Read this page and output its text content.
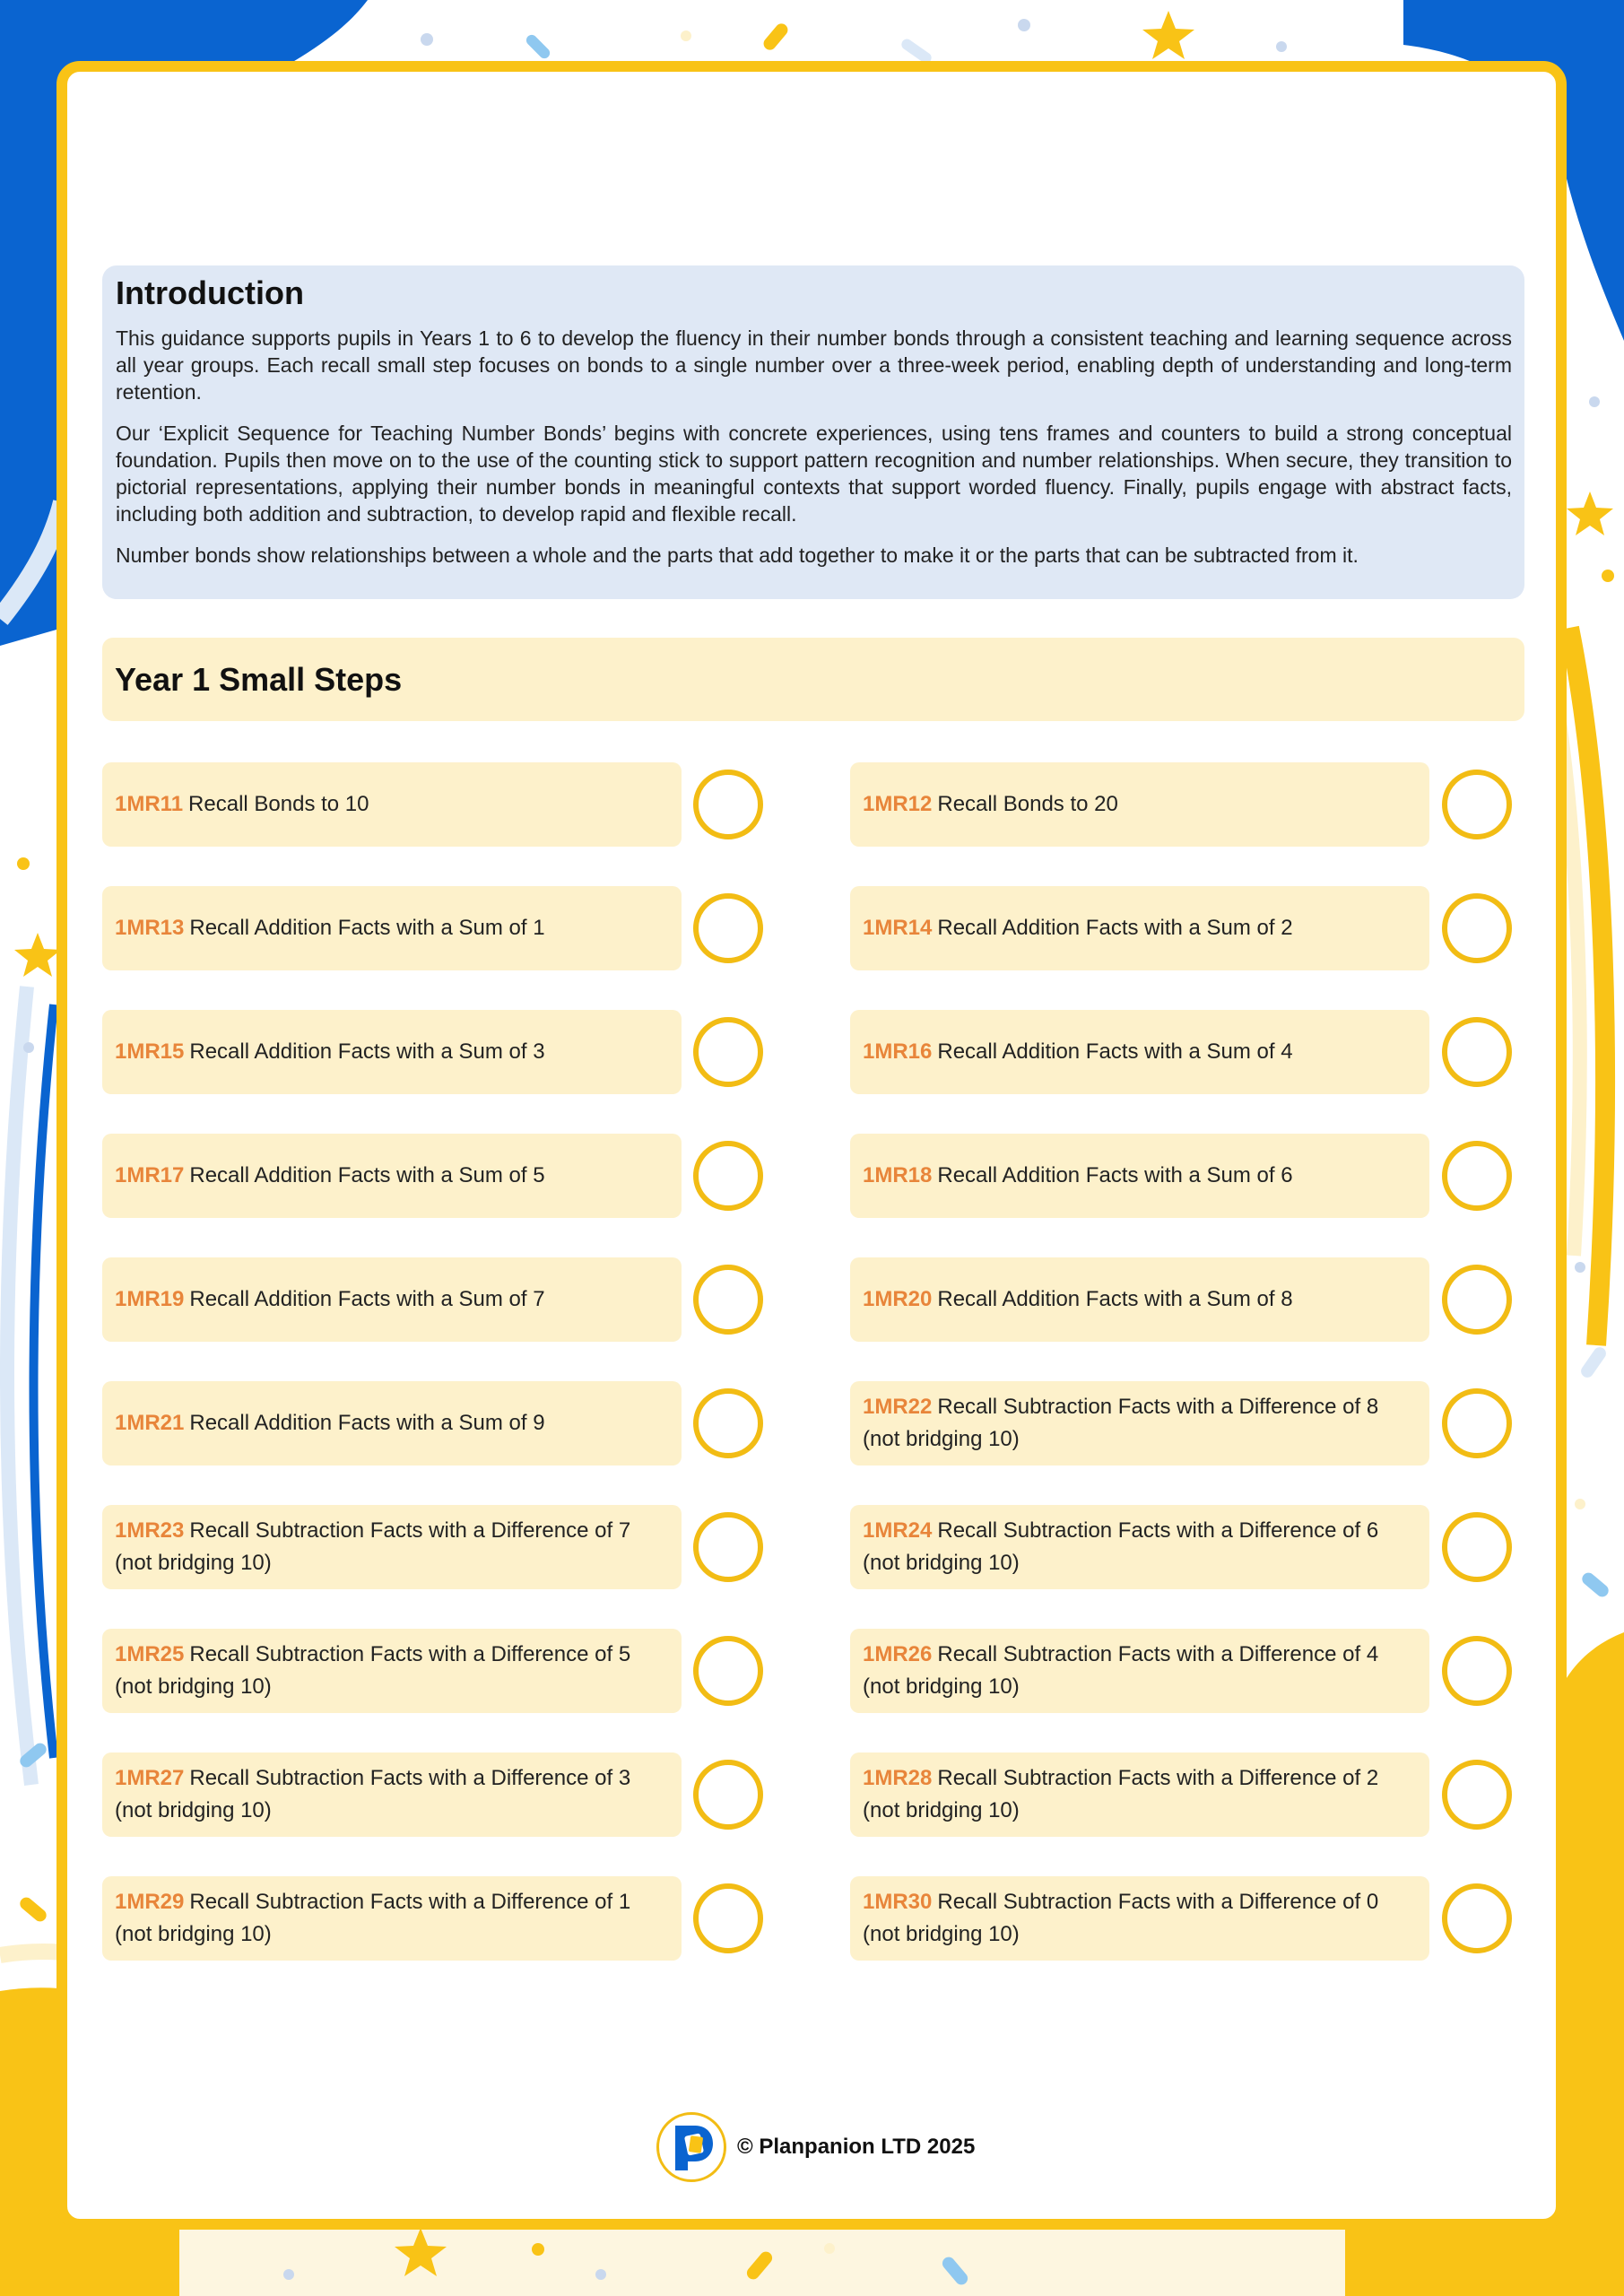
Introduction

This guidance supports pupils in Years 1 to 6 to develop the fluency in their number bonds through a consistent teaching and learning sequence across all year groups. Each recall small step focuses on bonds to a single number over a three-week period, enabling depth of understanding and long-term retention.

Our ‘Explicit Sequence for Teaching Number Bonds’ begins with concrete experiences, using tens frames and counters to build a strong conceptual foundation. Pupils then move on to the use of the counting stick to support pattern recognition and number relationships. When secure, they transition to pictorial representations, applying their number bonds in meaningful contexts that support worded fluency. Finally, pupils engage with abstract facts, including both addition and subtraction, to develop rapid and flexible recall.

Number bonds show relationships between a whole and the parts that add together to make it or the parts that can be subtracted from it.

Year 1 Small Steps
1MR11 Recall Bonds to 10	1MR12 Recall Bonds to 20
1MR13 Recall Addition Facts with a Sum of 1	1MR14 Recall Addition Facts with a Sum of 2
1MR15 Recall Addition Facts with a Sum of 3	1MR16 Recall Addition Facts with a Sum of 4
1MR17 Recall Addition Facts with a Sum of 5	1MR18 Recall Addition Facts with a Sum of 6
1MR19 Recall Addition Facts with a Sum of 7	1MR20 Recall Addition Facts with a Sum of 8
1MR21 Recall Addition Facts with a Sum of 9
1MR22 Recall Subtraction Facts with a Difference of 8 (not bridging 10)
1MR23 Recall Subtraction Facts with a Difference of 7 (not bridging 10)
1MR24 Recall Subtraction Facts with a Difference of 6 (not bridging 10)
1MR25 Recall Subtraction Facts with a Difference of 5 (not bridging 10)
1MR26 Recall Subtraction Facts with a Difference of 4 (not bridging 10)
1MR27 Recall Subtraction Facts with a Difference of 3 (not bridging 10)
1MR28 Recall Subtraction Facts with a Difference of 2 (not bridging 10)
1MR29 Recall Subtraction Facts with a Difference of 1 (not bridging 10)
1MR30 Recall Subtraction Facts with a Difference of 0 (not bridging 10)
© Planpanion LTD 2025
